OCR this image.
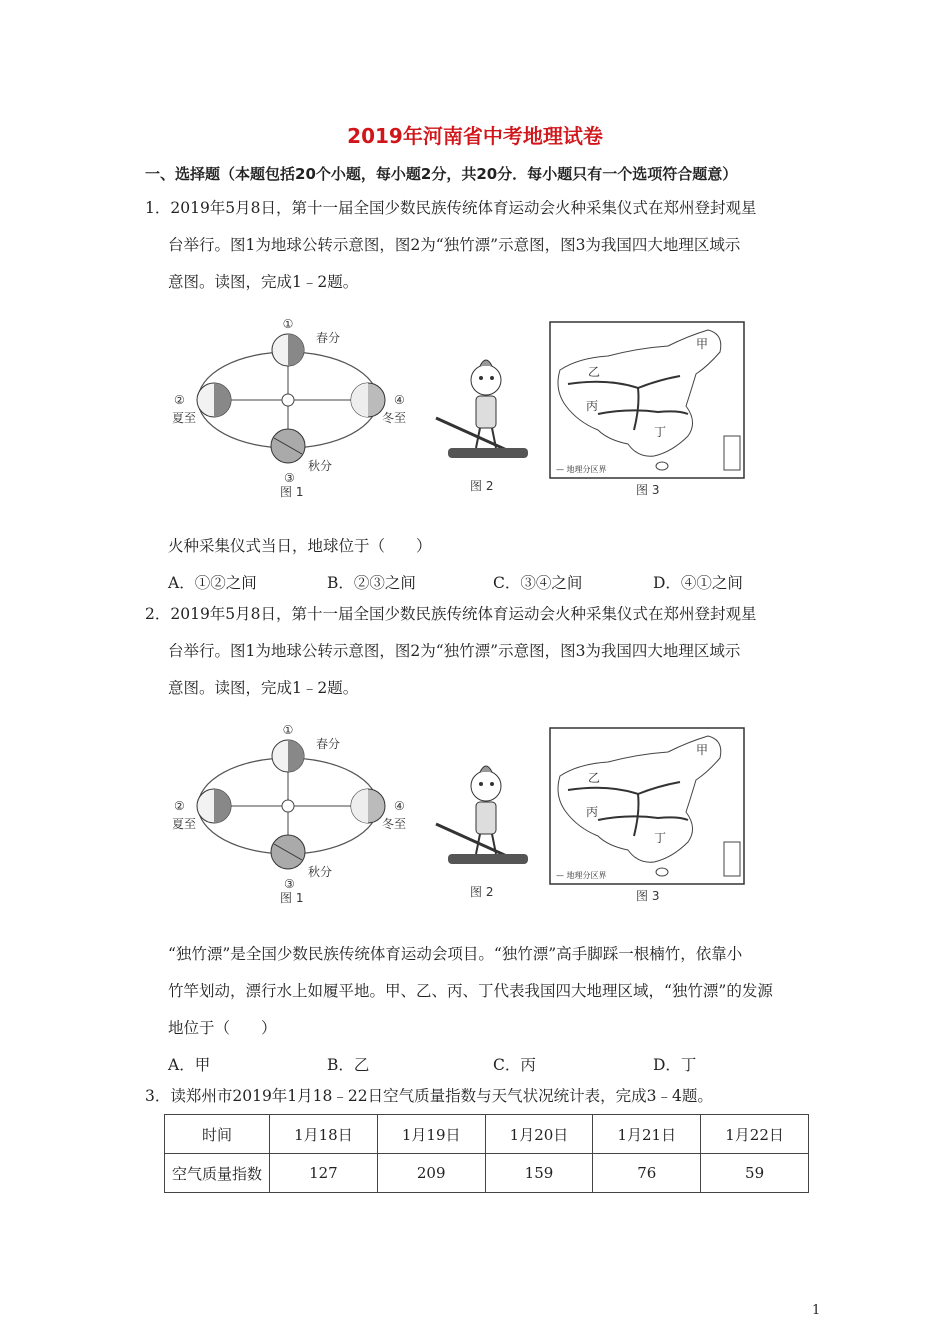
2019年河南省中考地理试卷
一、选择题（本题包括20个小题，每小题2分，共20分．每小题只有一个选项符合题意）
1．2019年5月8日，第十一届全国少数民族传统体育运动会火种采集仪式在郑州登封观星
台举行。图1为地球公转示意图，图2为“独竹漂”示意图，图3为我国四大地理区域示
意图。读图，完成1﹣2题。
①
春分
②
夏至
秋分
③
④
冬至
图 1	图 2
甲
乙
丙
丁
— 地理分区界
图 3
火种采集仪式当日，地球位于（　　）
A．①②之间	B．②③之间	C．③④之间	D．④①之间
2．2019年5月8日，第十一届全国少数民族传统体育运动会火种采集仪式在郑州登封观星
台举行。图1为地球公转示意图，图2为“独竹漂”示意图，图3为我国四大地理区域示
意图。读图，完成1﹣2题。
①
春分
②
夏至
秋分
③
④
冬至
图 1	图 2
甲
乙
丙
丁
— 地理分区界
图 3
“独竹漂”是全国少数民族传统体育运动会项目。“独竹漂”高手脚踩一根楠竹，依靠小
竹竿划动，漂行水上如履平地。甲、乙、丙、丁代表我国四大地理区域，“独竹漂”的发源
地位于（　　）
A．甲	B．乙	C．丙	D．丁
3．读郑州市2019年1月18﹣22日空气质量指数与天气状况统计表，完成3﹣4题。
时间	1月18日	1月19日	1月20日	1月21日	1月22日
空气质量指数	127	209	159	76	59
1
